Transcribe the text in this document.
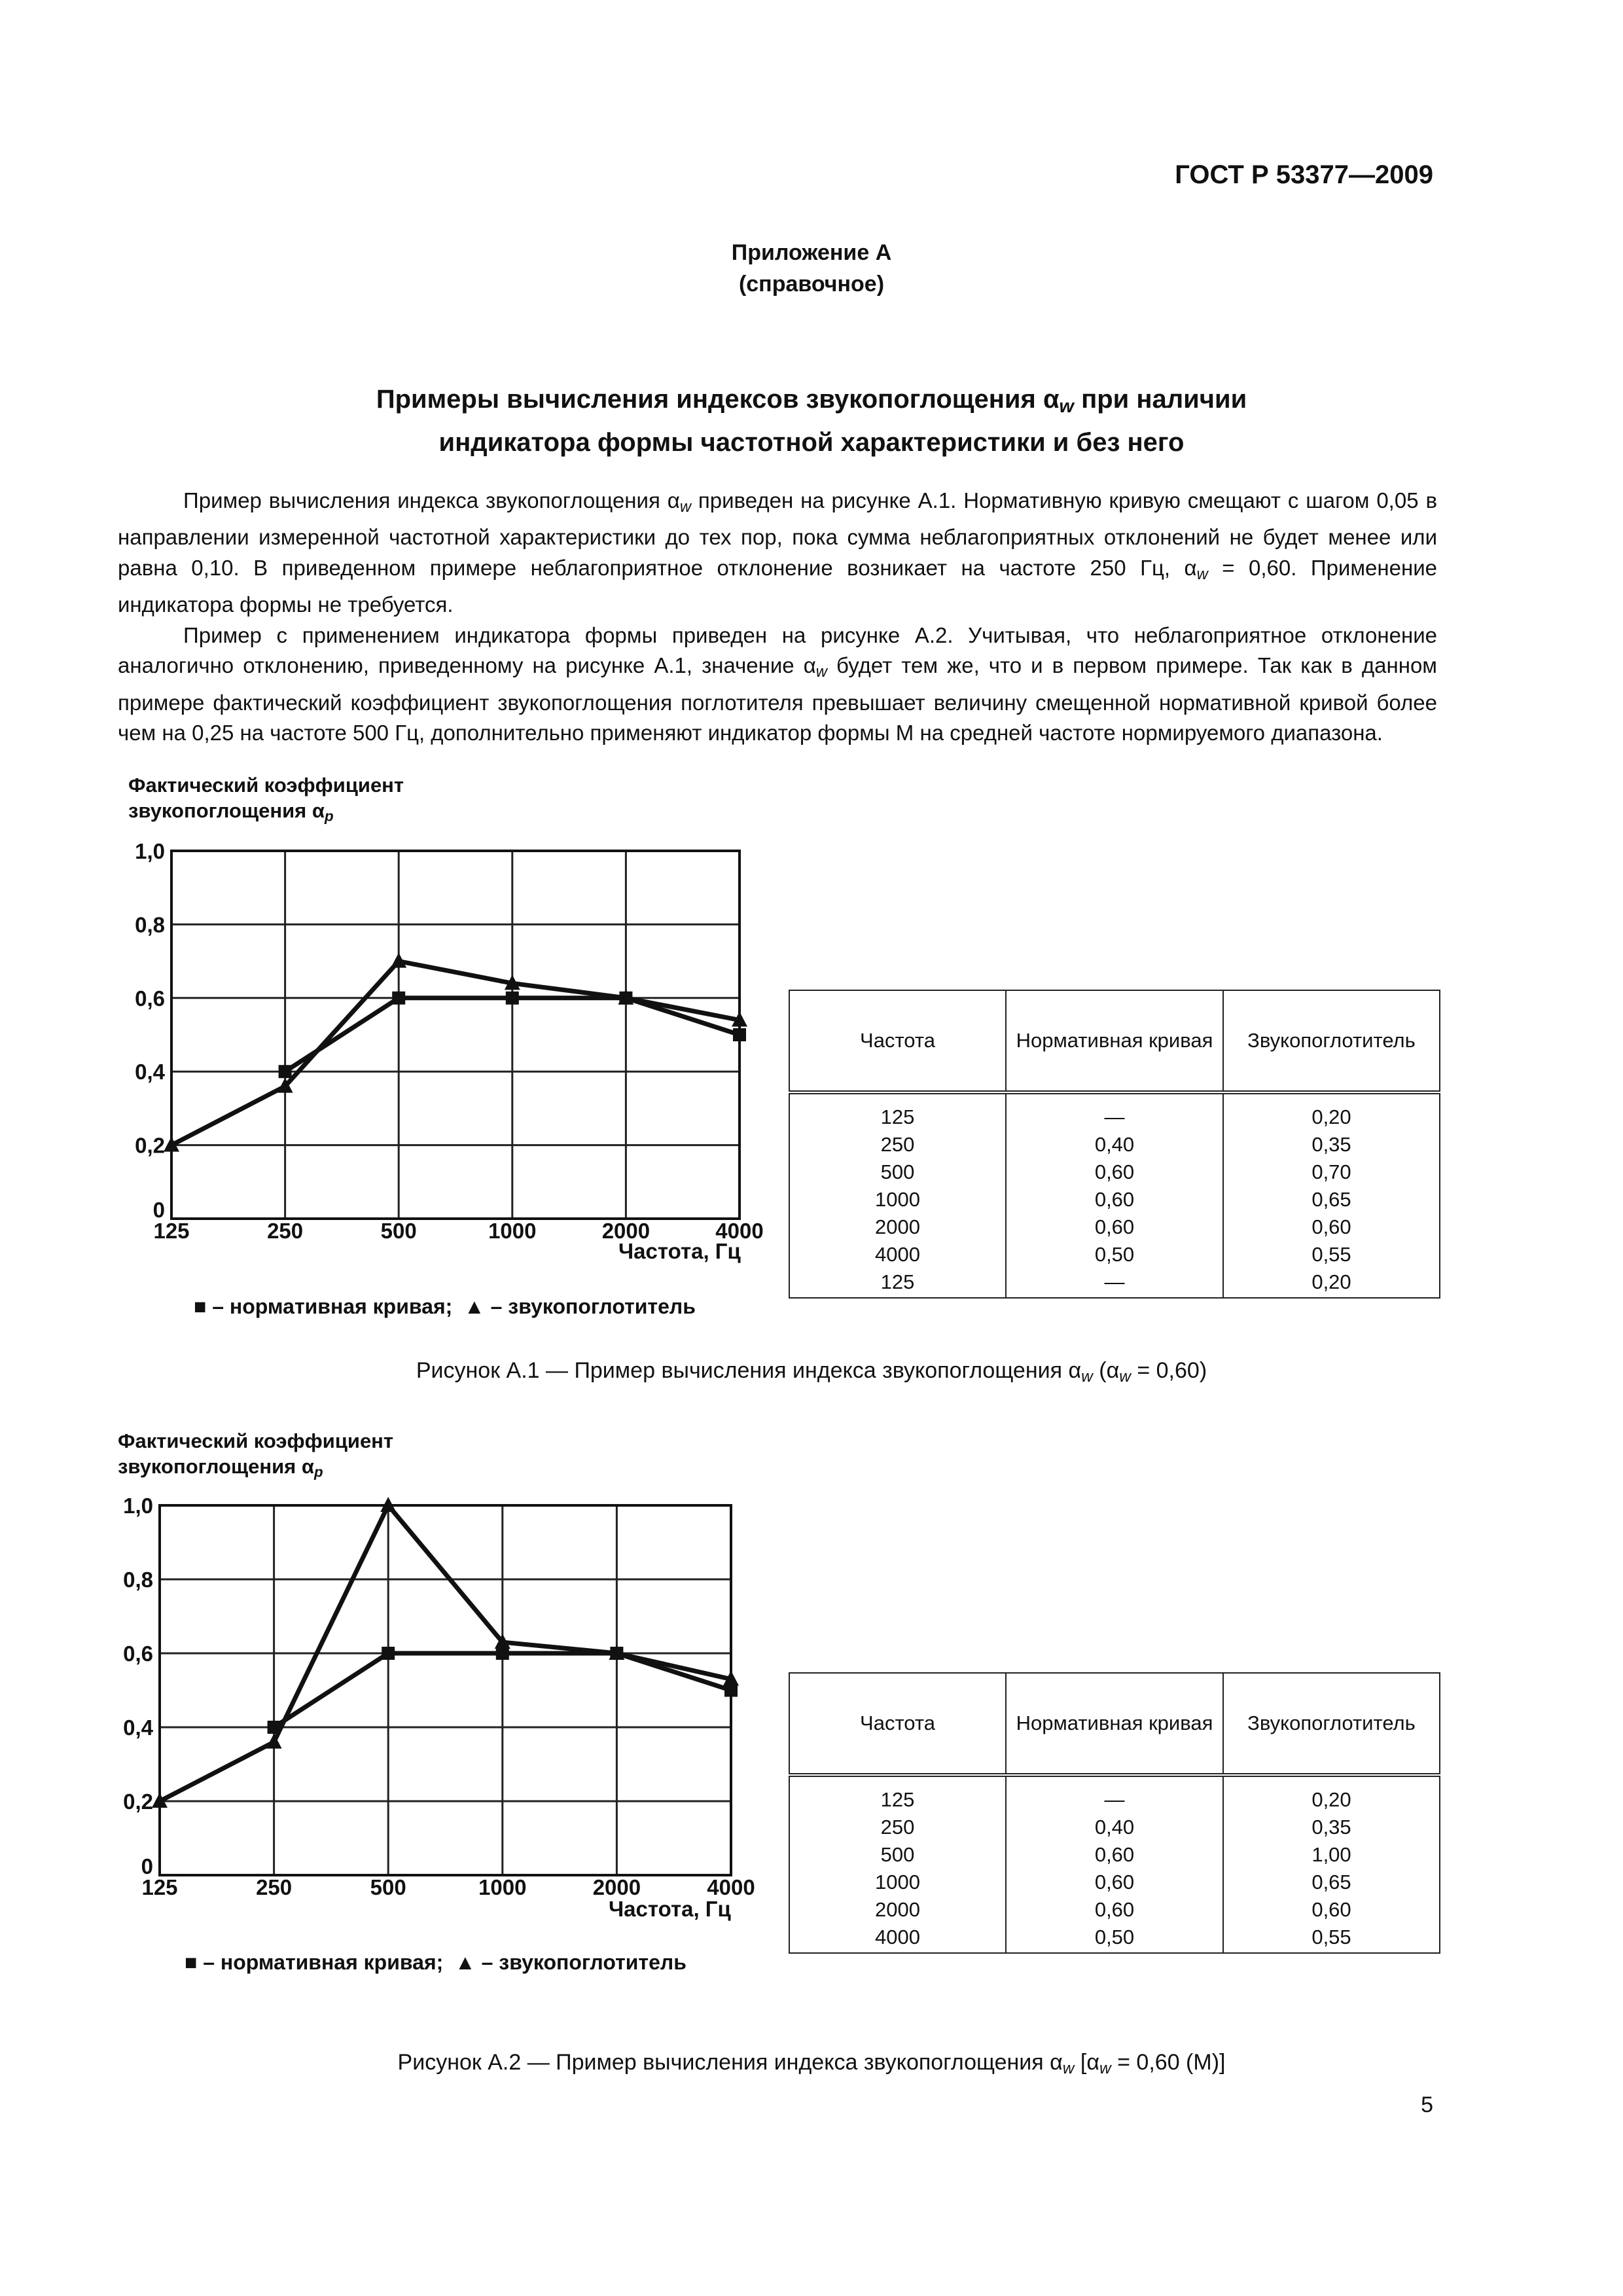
ГОСТ Р 53377—2009
Приложение А
(справочное)
Примеры вычисления индексов звукопоглощения $\alpha_w$ при наличии
индикатора формы частотной характеристики и без него

Пример вычисления индекса звукопоглощения $\alpha_w$ приведен на рисунке А.1. Нормативную кривую смещают с шагом 0,05 в направлении измеренной частотной характеристики до тех пор, пока сумма неблагоприятных отклонений не будет менее или равна 0,10. В приведенном примере неблагоприятное отклонение возникает на частоте 250 Гц, $\alpha_w = 0,60$. Применение индикатора формы не требуется.

Пример с применением индикатора формы приведен на рисунке А.2. Учитывая, что неблагоприятное отклонение аналогично отклонению, приведенному на рисунке А.1, значение $\alpha_w$ будет тем же, что и в первом примере. Так как в данном примере фактический коэффициент звукопоглощения поглотителя превышает величину смещенной нормативной кривой более чем на 0,25 на частоте 500 Гц, дополнительно применяют индикатор формы М на средней частоте нормируемого диапазона.

Фактический коэффициент
звукопоглощения $\alpha_p$
0
0,2
0,4
0,6
0,8
1,0
125	250	500	1000	2000	4000
Частота, Гц
■ – нормативная кривая; ▲ – звукопоглотитель
Частота	Нормативная кривая	Звукопоглотитель
125	—	0,20
250	0,40	0,35
500	0,60	0,70
1000	0,60	0,65
2000	0,60	0,60
4000	0,50	0,55
125	—	0,20
Рисунок А.1 — Пример вычисления индекса звукопоглощения $\alpha_w$ $(\alpha_w = 0,60)$
Фактический коэффициент
звукопоглощения $\alpha_p$
0
0,2
0,4
0,6
0,8
1,0
125	250	500	1000	2000	4000
Частота, Гц
■ – нормативная кривая; ▲ – звукопоглотитель
Частота	Нормативная кривая	Звукопоглотитель
125	—	0,20
250	0,40	0,35
500	0,60	1,00
1000	0,60	0,65
2000	0,60	0,60
4000	0,50	0,55
Рисунок А.2 — Пример вычисления индекса звукопоглощения $\alpha_w$ [$\alpha_w = 0,60$ (М)]
5
